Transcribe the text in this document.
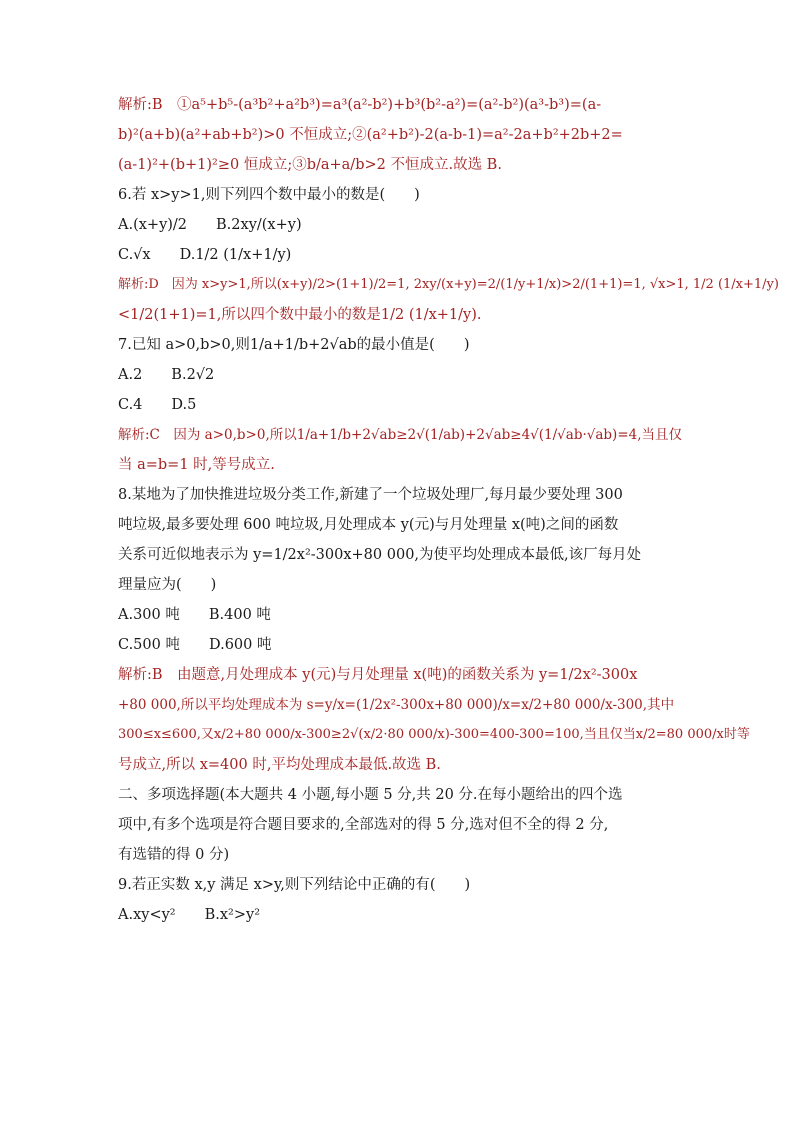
解析:B　①a⁵+b⁵-(a³b²+a²b³)=a³(a²-b²)+b³(b²-a²)=(a²-b²)(a³-b³)=(a-
b)²(a+b)(a²+ab+b²)>0 不恒成立;②(a²+b²)-2(a-b-1)=a²-2a+b²+2b+2=
(a-1)²+(b+1)²≥0 恒成立;③b/a+a/b>2 不恒成立.故选 B.
6.若 x>y>1,则下列四个数中最小的数是(　　)
A.(x+y)/2　　B.2xy/(x+y)
C.√x　　D.1/2 (1/x+1/y)
解析:D　因为 x>y>1,所以(x+y)/2>(1+1)/2=1, 2xy/(x+y)=2/(1/y+1/x)>2/(1+1)=1, √x>1, 1/2 (1/x+1/y)
<1/2(1+1)=1,所以四个数中最小的数是1/2 (1/x+1/y).
7.已知 a>0,b>0,则1/a+1/b+2√ab的最小值是(　　)
A.2　　B.2√2
C.4　　D.5
解析:C　因为 a>0,b>0,所以1/a+1/b+2√ab≥2√(1/ab)+2√ab≥4√(1/√ab·√ab)=4,当且仅
当 a=b=1 时,等号成立.
8.某地为了加快推进垃圾分类工作,新建了一个垃圾处理厂,每月最少要处理 300
吨垃圾,最多要处理 600 吨垃圾,月处理成本 y(元)与月处理量 x(吨)之间的函数
关系可近似地表示为 y=1/2x²-300x+80 000,为使平均处理成本最低,该厂每月处
理量应为(　　)
A.300 吨　　B.400 吨
C.500 吨　　D.600 吨
解析:B　由题意,月处理成本 y(元)与月处理量 x(吨)的函数关系为 y=1/2x²-300x
+80 000,所以平均处理成本为 s=y/x=(1/2x²-300x+80 000)/x=x/2+80 000/x-300,其中
300≤x≤600,又x/2+80 000/x-300≥2√(x/2·80 000/x)-300=400-300=100,当且仅当x/2=80 000/x时等
号成立,所以 x=400 时,平均处理成本最低.故选 B.
二、多项选择题(本大题共 4 小题,每小题 5 分,共 20 分.在每小题给出的四个选
项中,有多个选项是符合题目要求的,全部选对的得 5 分,选对但不全的得 2 分,
有选错的得 0 分)
9.若正实数 x,y 满足 x>y,则下列结论中正确的有(　　)
A.xy<y²　　B.x²>y²
